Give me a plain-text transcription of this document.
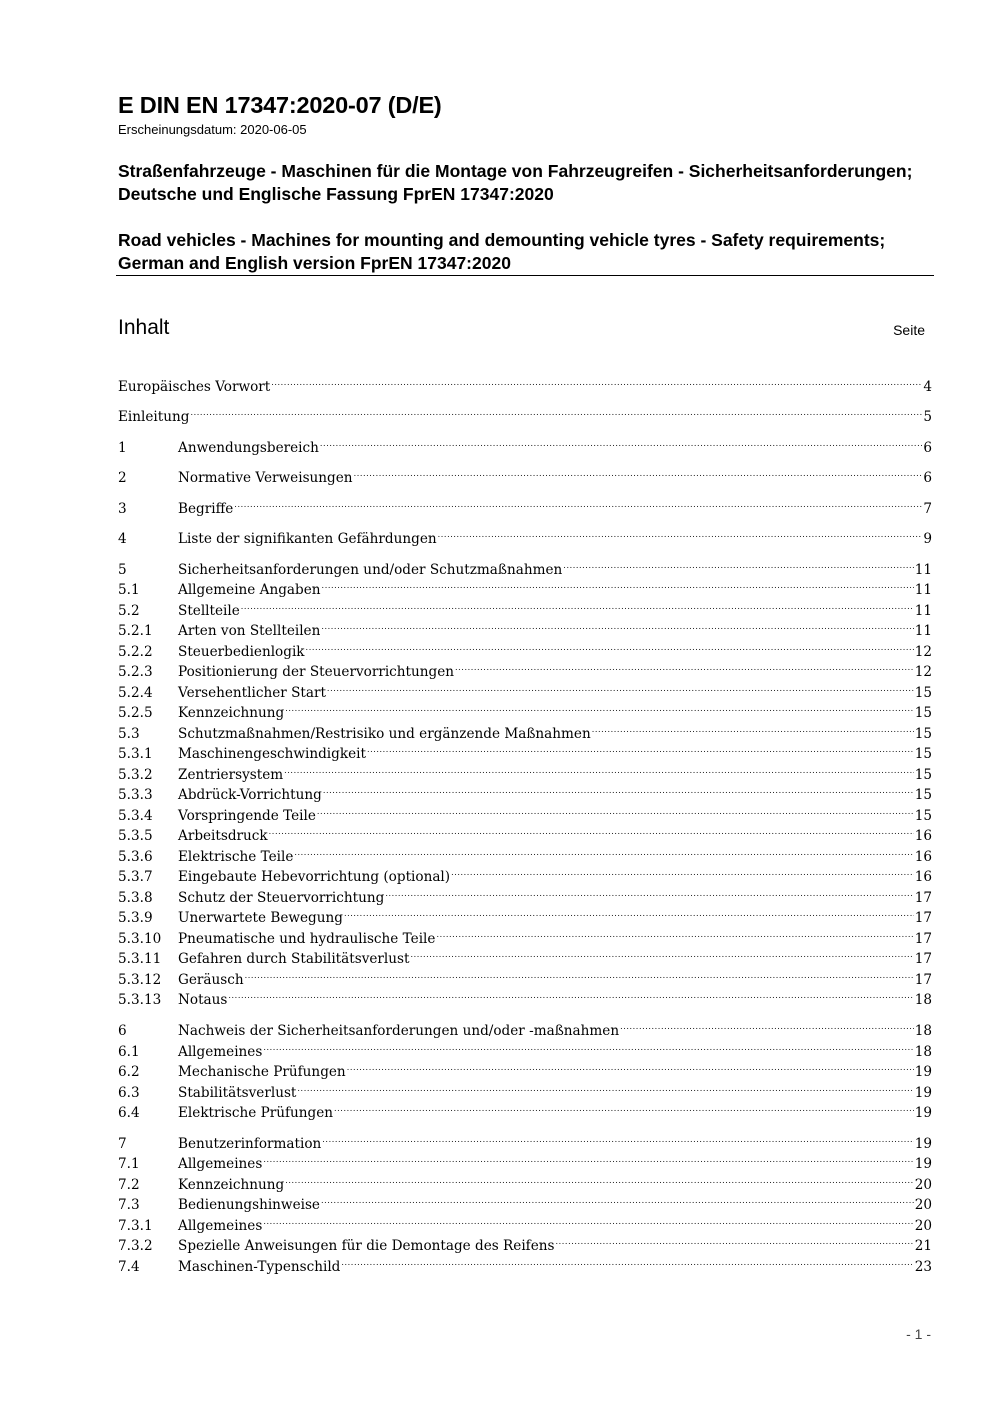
E DIN EN 17347:2020-07 (D/E)
Erscheinungsdatum: 2020-06-05
Straßenfahrzeuge - Maschinen für die Montage von Fahrzeugreifen - Sicherheitsanforderungen; Deutsche und Englische Fassung FprEN 17347:2020
Road vehicles - Machines for mounting and demounting vehicle tyres - Safety requirements; German and English version FprEN 17347:2020
Inhalt	Seite
Europäisches Vorwort .....	4
Einleitung .....	5
1	Anwendungsbereich .....	6
2	Normative Verweisungen .....	6
3	Begriffe .....	7
4	Liste der signifikanten Gefährdungen .....	9
5	Sicherheitsanforderungen und/oder Schutzmaßnahmen .....	11
5.1	Allgemeine Angaben .....	11
5.2	Stellteile .....	11
5.2.1	Arten von Stellteilen .....	11
5.2.2	Steuerbedienlogik .....	12
5.2.3	Positionierung der Steuervorrichtungen .....	12
5.2.4	Versehentlicher Start .....	15
5.2.5	Kennzeichnung .....	15
5.3	Schutzmaßnahmen/Restrisiko und ergänzende Maßnahmen .....	15
5.3.1	Maschinengeschwindigkeit .....	15
5.3.2	Zentriersystem .....	15
5.3.3	Abdrück-Vorrichtung .....	15
5.3.4	Vorspringende Teile .....	15
5.3.5	Arbeitsdruck .....	16
5.3.6	Elektrische Teile .....	16
5.3.7	Eingebaute Hebevorrichtung (optional) .....	16
5.3.8	Schutz der Steuervorrichtung .....	17
5.3.9	Unerwartete Bewegung .....	17
5.3.10	Pneumatische und hydraulische Teile .....	17
5.3.11	Gefahren durch Stabilitätsverlust .....	17
5.3.12	Geräusch .....	17
5.3.13	Notaus .....	18
6	Nachweis der Sicherheitsanforderungen und/oder -maßnahmen .....	18
6.1	Allgemeines .....	18
6.2	Mechanische Prüfungen .....	19
6.3	Stabilitätsverlust .....	19
6.4	Elektrische Prüfungen .....	19
7	Benutzerinformation .....	19
7.1	Allgemeines .....	19
7.2	Kennzeichnung .....	20
7.3	Bedienungshinweise .....	20
7.3.1	Allgemeines .....	20
7.3.2	Spezielle Anweisungen für die Demontage des Reifens .....	21
7.4	Maschinen-Typenschild .....	23
- 1 -
